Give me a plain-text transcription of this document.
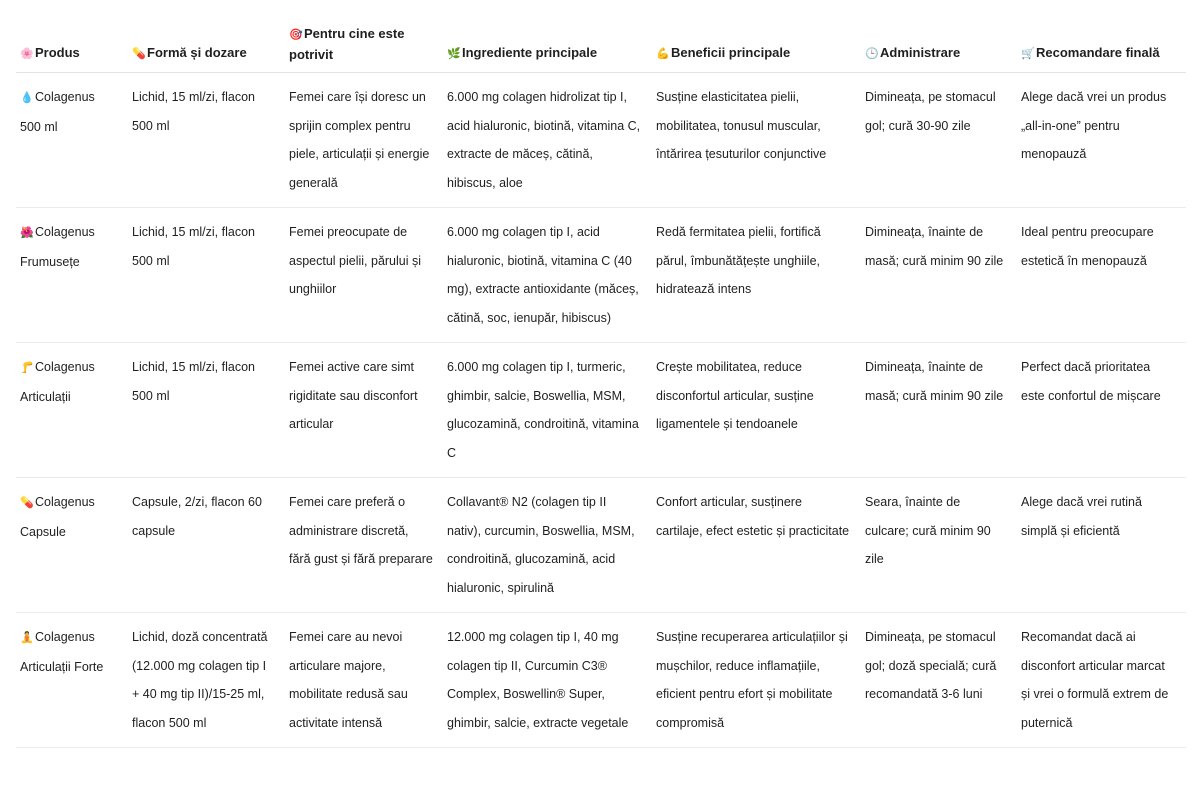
🌸Produs	💊Formă și dozare	🎯Pentru cine este potrivit	🌿Ingrediente principale	💪Beneficii principale	🕒Administrare	🛒Recomandare finală
💧Colagenus 500 ml	Lichid, 15 ml/zi, flacon 500 ml	Femei care își doresc un sprijin complex pentru piele, articulații și energie generală	6.000 mg colagen hidrolizat tip I, acid hialuronic, biotină, vitamina C, extracte de măceș, cătină, hibiscus, aloe	Susține elasticitatea pielii, mobilitatea, tonusul muscular, întărirea țesuturilor conjunctive	Dimineața, pe stomacul gol; cură 30-90 zile	Alege dacă vrei un produs „all-in-one” pentru menopauză
🌺Colagenus Frumusețe	Lichid, 15 ml/zi, flacon 500 ml	Femei preocupate de aspectul pielii, părului și unghiilor	6.000 mg colagen tip I, acid hialuronic, biotină, vitamina C (40 mg), extracte antioxidante (măceș, cătină, soc, ienupăr, hibiscus)	Redă fermitatea pielii, fortifică părul, îmbunătățește unghiile, hidratează intens	Dimineața, înainte de masă; cură minim 90 zile	Ideal pentru preocupare estetică în menopauză
🦵Colagenus Articulații	Lichid, 15 ml/zi, flacon 500 ml	Femei active care simt rigiditate sau disconfort articular	6.000 mg colagen tip I, turmeric, ghimbir, salcie, Boswellia, MSM, glucozamină, condroitină, vitamina C	Crește mobilitatea, reduce disconfortul articular, susține ligamentele și tendoanele	Dimineața, înainte de masă; cură minim 90 zile	Perfect dacă prioritatea este confortul de mișcare
💊Colagenus Capsule	Capsule, 2/zi, flacon 60 capsule	Femei care preferă o administrare discretă, fără gust și fără preparare	Collavant® N2 (colagen tip II nativ), curcumin, Boswellia, MSM, condroitină, glucozamină, acid hialuronic, spirulină	Confort articular, susținere cartilaje, efect estetic și practicitate	Seara, înainte de culcare; cură minim 90 zile	Alege dacă vrei rutină simplă și eficientă
🧘Colagenus Articulații Forte	Lichid, doză concentrată (12.000 mg colagen tip I + 40 mg tip II)/15-25 ml, flacon 500 ml	Femei care au nevoi articulare majore, mobilitate redusă sau activitate intensă	12.000 mg colagen tip I, 40 mg colagen tip II, Curcumin C3® Complex, Boswellin® Super, ghimbir, salcie, extracte vegetale	Susține recuperarea articulațiilor și mușchilor, reduce inflamațiile, eficient pentru efort și mobilitate compromisă	Dimineața, pe stomacul gol; doză specială; cură recomandată 3-6 luni	Recomandat dacă ai disconfort articular marcat și vrei o formulă extrem de puternică
